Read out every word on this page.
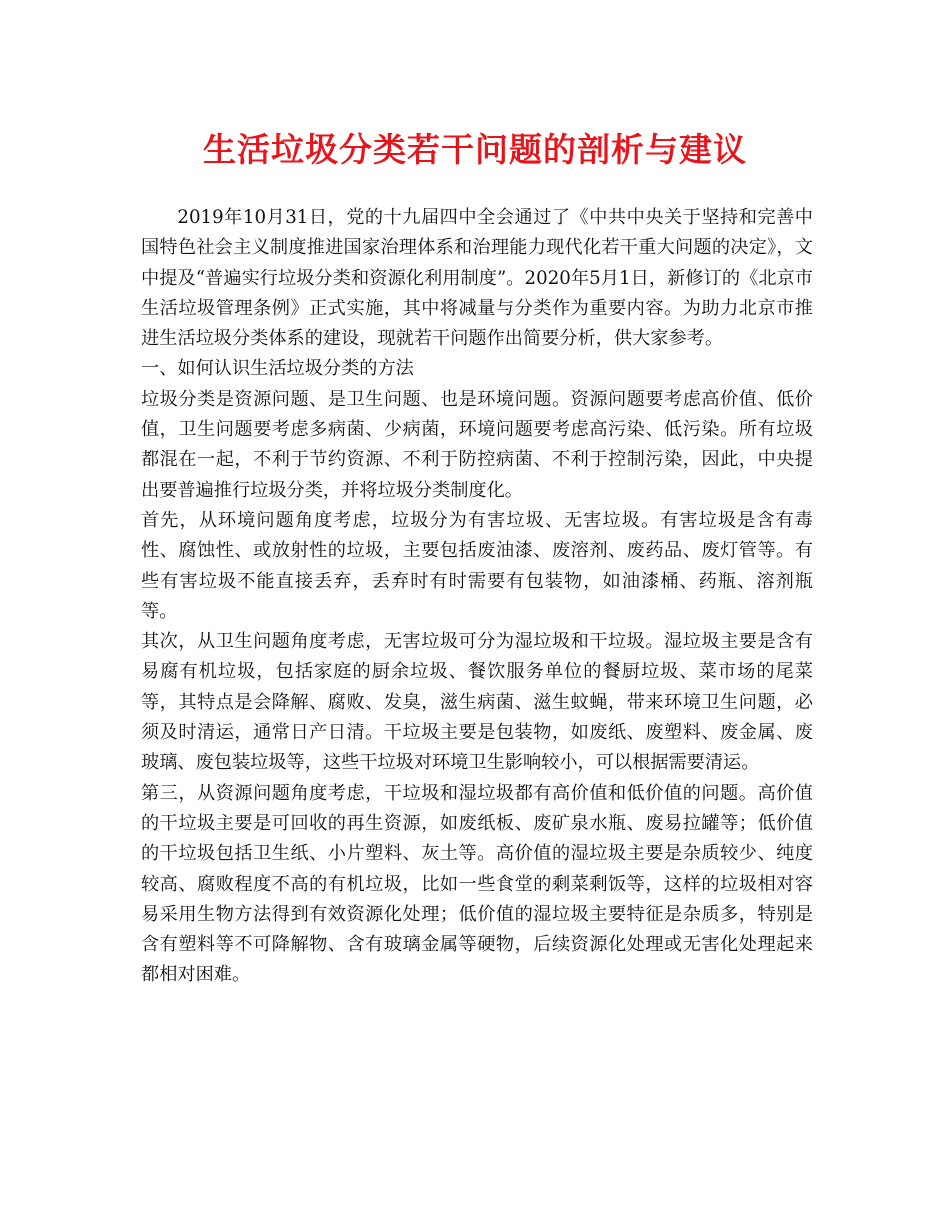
生活垃圾分类若干问题的剖析与建议

2019年10月31日，党的十九届四中全会通过了《中共中央关于坚持和完善中国特色社会主义制度推进国家治理体系和治理能力现代化若干重大问题的决定》，文中提及“普遍实行垃圾分类和资源化利用制度”。2020年5月1日，新修订的《北京市生活垃圾管理条例》正式实施，其中将减量与分类作为重要内容。为助力北京市推进生活垃圾分类体系的建设，现就若干问题作出简要分析，供大家参考。

一、如何认识生活垃圾分类的方法

垃圾分类是资源问题、是卫生问题、也是环境问题。资源问题要考虑高价值、低价值，卫生问题要考虑多病菌、少病菌，环境问题要考虑高污染、低污染。所有垃圾都混在一起，不利于节约资源、不利于防控病菌、不利于控制污染，因此，中央提出要普遍推行垃圾分类，并将垃圾分类制度化。

首先，从环境问题角度考虑，垃圾分为有害垃圾、无害垃圾。有害垃圾是含有毒性、腐蚀性、或放射性的垃圾，主要包括废油漆、废溶剂、废药品、废灯管等。有些有害垃圾不能直接丢弃，丢弃时有时需要有包装物，如油漆桶、药瓶、溶剂瓶等。

其次，从卫生问题角度考虑，无害垃圾可分为湿垃圾和干垃圾。湿垃圾主要是含有易腐有机垃圾，包括家庭的厨余垃圾、餐饮服务单位的餐厨垃圾、菜市场的尾菜等，其特点是会降解、腐败、发臭，滋生病菌、滋生蚊蝇，带来环境卫生问题，必须及时清运，通常日产日清。干垃圾主要是包装物，如废纸、废塑料、废金属、废玻璃、废包装垃圾等，这些干垃圾对环境卫生影响较小，可以根据需要清运。

第三，从资源问题角度考虑，干垃圾和湿垃圾都有高价值和低价值的问题。高价值的干垃圾主要是可回收的再生资源，如废纸板、废矿泉水瓶、废易拉罐等；低价值的干垃圾包括卫生纸、小片塑料、灰土等。高价值的湿垃圾主要是杂质较少、纯度较高、腐败程度不高的有机垃圾，比如一些食堂的剩菜剩饭等，这样的垃圾相对容易采用生物方法得到有效资源化处理；低价值的湿垃圾主要特征是杂质多，特别是含有塑料等不可降解物、含有玻璃金属等硬物，后续资源化处理或无害化处理起来都相对困难。
